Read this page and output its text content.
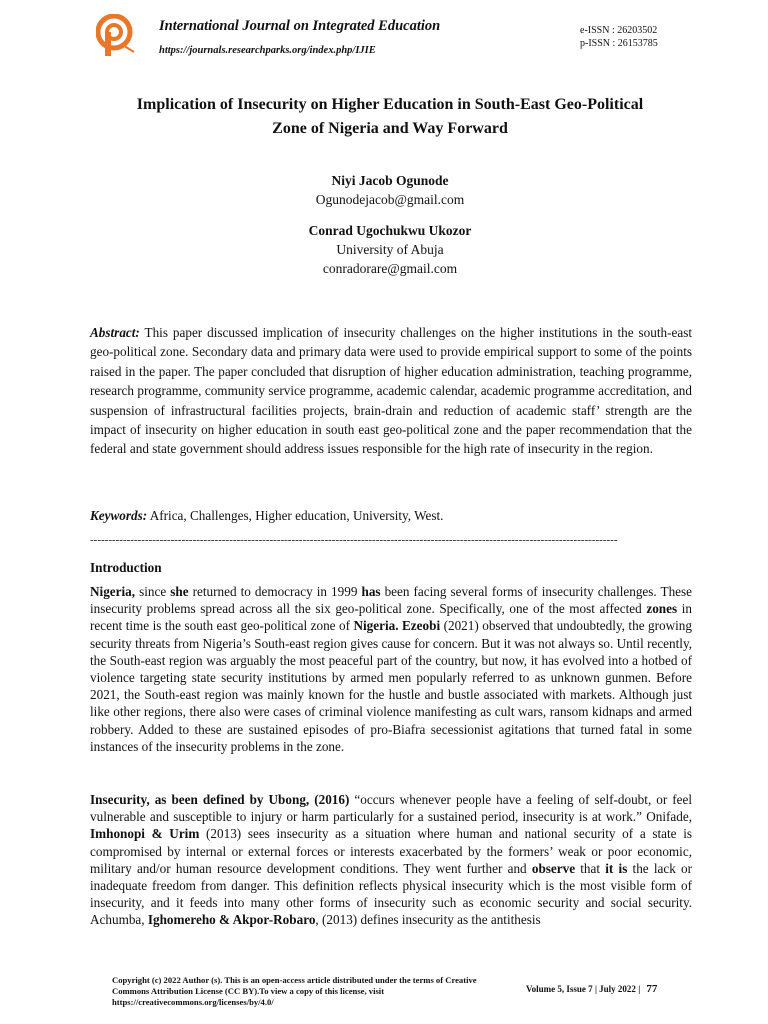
International Journal on Integrated Education
https://journals.researchparks.org/index.php/IJIE
e-ISSN : 26203502
p-ISSN : 26153785
Implication of Insecurity on Higher Education in South-East Geo-Political
Zone of Nigeria and Way Forward
Niyi Jacob Ogunode
Ogunodejacob@gmail.com
Conrad Ugochukwu Ukozor
University of Abuja
conradorare@gmail.com
Abstract: This paper discussed implication of insecurity challenges on the higher institutions in the south-east geo-political zone. Secondary data and primary data were used to provide empirical support to some of the points raised in the paper. The paper concluded that disruption of higher education administration, teaching programme, research programme, community service programme, academic calendar, academic programme accreditation, and suspension of infrastructural facilities projects, brain-drain and reduction of academic staff’ strength are the impact of insecurity on higher education in south east geo-political zone and the paper recommendation that the federal and state government should address issues responsible for the high rate of insecurity in the region.
Keywords: Africa, Challenges, Higher education, University, West.
------------------------------------------------------------------------------------------------------------------------------------------------
Introduction
Nigeria, since she returned to democracy in 1999 has been facing several forms of insecurity challenges. These insecurity problems spread across all the six geo-political zone. Specifically, one of the most affected zones in recent time is the south east geo-political zone of Nigeria. Ezeobi (2021) observed that undoubtedly, the growing security threats from Nigeria’s South-east region gives cause for concern. But it was not always so. Until recently, the South-east region was arguably the most peaceful part of the country, but now, it has evolved into a hotbed of violence targeting state security institutions by armed men popularly referred to as unknown gunmen. Before 2021, the South-east region was mainly known for the hustle and bustle associated with markets. Although just like other regions, there also were cases of criminal violence manifesting as cult wars, ransom kidnaps and armed robbery. Added to these are sustained episodes of pro-Biafra secessionist agitations that turned fatal in some instances of the insecurity problems in the zone.
Insecurity, as been defined by Ubong, (2016) “occurs whenever people have a feeling of self-doubt, or feel vulnerable and susceptible to injury or harm particularly for a sustained period, insecurity is at work.” Onifade, Imhonopi & Urim (2013) sees insecurity as a situation where human and national security of a state is compromised by internal or external forces or interests exacerbated by the formers’ weak or poor economic, military and/or human resource development conditions. They went further and observe that it is the lack or inadequate freedom from danger. This definition reflects physical insecurity which is the most visible form of insecurity, and it feeds into many other forms of insecurity such as economic security and social security. Achumba, Ighomereho & Akpor-Robaro, (2013) defines insecurity as the antithesis
Copyright (c) 2022 Author (s). This is an open-access article distributed under the terms of Creative Commons Attribution License (CC BY).To view a copy of this license, visit https://creativecommons.org/licenses/by/4.0/
Volume 5, Issue 7 | July 2022 | 77
